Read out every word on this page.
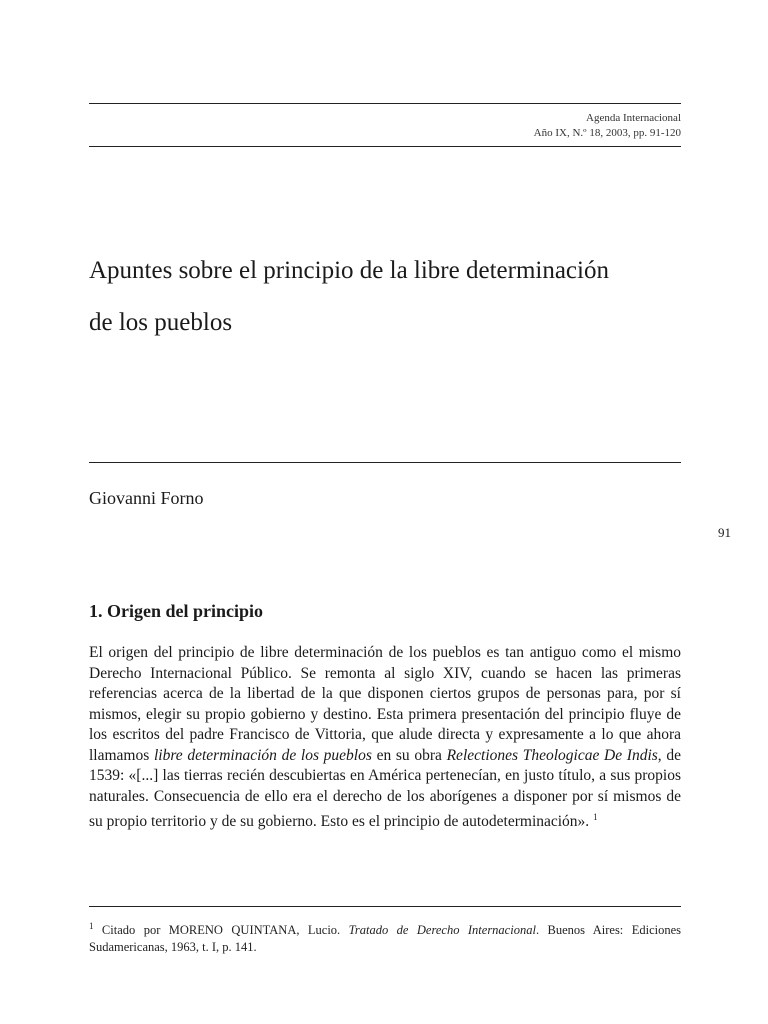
Agenda Internacional
Año IX, N.º 18, 2003, pp. 91-120
Apuntes sobre el principio de la libre determinación
de los pueblos
Giovanni Forno
91
1. Origen del principio

El origen del principio de libre determinación de los pueblos es tan antiguo como el mismo Derecho Internacional Público. Se remonta al siglo XIV, cuando se hacen las primeras referencias acerca de la libertad de la que disponen ciertos grupos de personas para, por sí mismos, elegir su propio gobierno y destino. Esta primera presentación del principio fluye de los escritos del padre Francisco de Vittoria, que alude directa y expresamente a lo que ahora llamamos libre determinación de los pueblos en su obra Relectiones Theologicae De Indis, de 1539: «[...] las tierras recién descubiertas en América pertenecían, en justo título, a sus propios naturales. Consecuencia de ello era el derecho de los aborígenes a disponer por sí mismos de su propio territorio y de su gobierno. Esto es el principio de autodeterminación». $^1$

$^1$ Citado por MORENO QUINTANA, Lucio. Tratado de Derecho Internacional. Buenos Aires: Ediciones Sudamericanas, 1963, t. I, p. 141.
